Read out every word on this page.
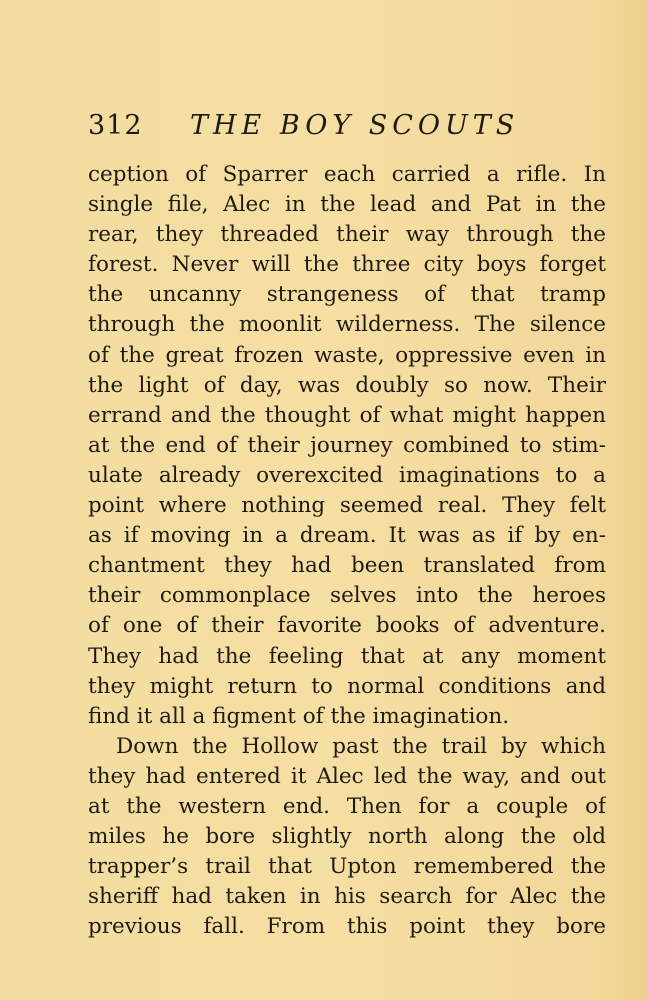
312 THE BOY SCOUTS
ception of Sparrer each carried a rifle. In
single file, Alec in the lead and Pat in the
rear, they threaded their way through the
forest. Never will the three city boys forget
the uncanny strangeness of that tramp
through the moonlit wilderness. The silence
of the great frozen waste, oppressive even in
the light of day, was doubly so now. Their
errand and the thought of what might happen
at the end of their journey combined to stim-
ulate already overexcited imaginations to a
point where nothing seemed real. They felt
as if moving in a dream. It was as if by en-
chantment they had been translated from
their commonplace selves into the heroes
of one of their favorite books of adventure.
They had the feeling that at any moment
they might return to normal conditions and
find it all a figment of the imagination.
Down the Hollow past the trail by which
they had entered it Alec led the way, and out
at the western end. Then for a couple of
miles he bore slightly north along the old
trapper’s trail that Upton remembered the
sheriff had taken in his search for Alec the
previous fall. From this point they bore
